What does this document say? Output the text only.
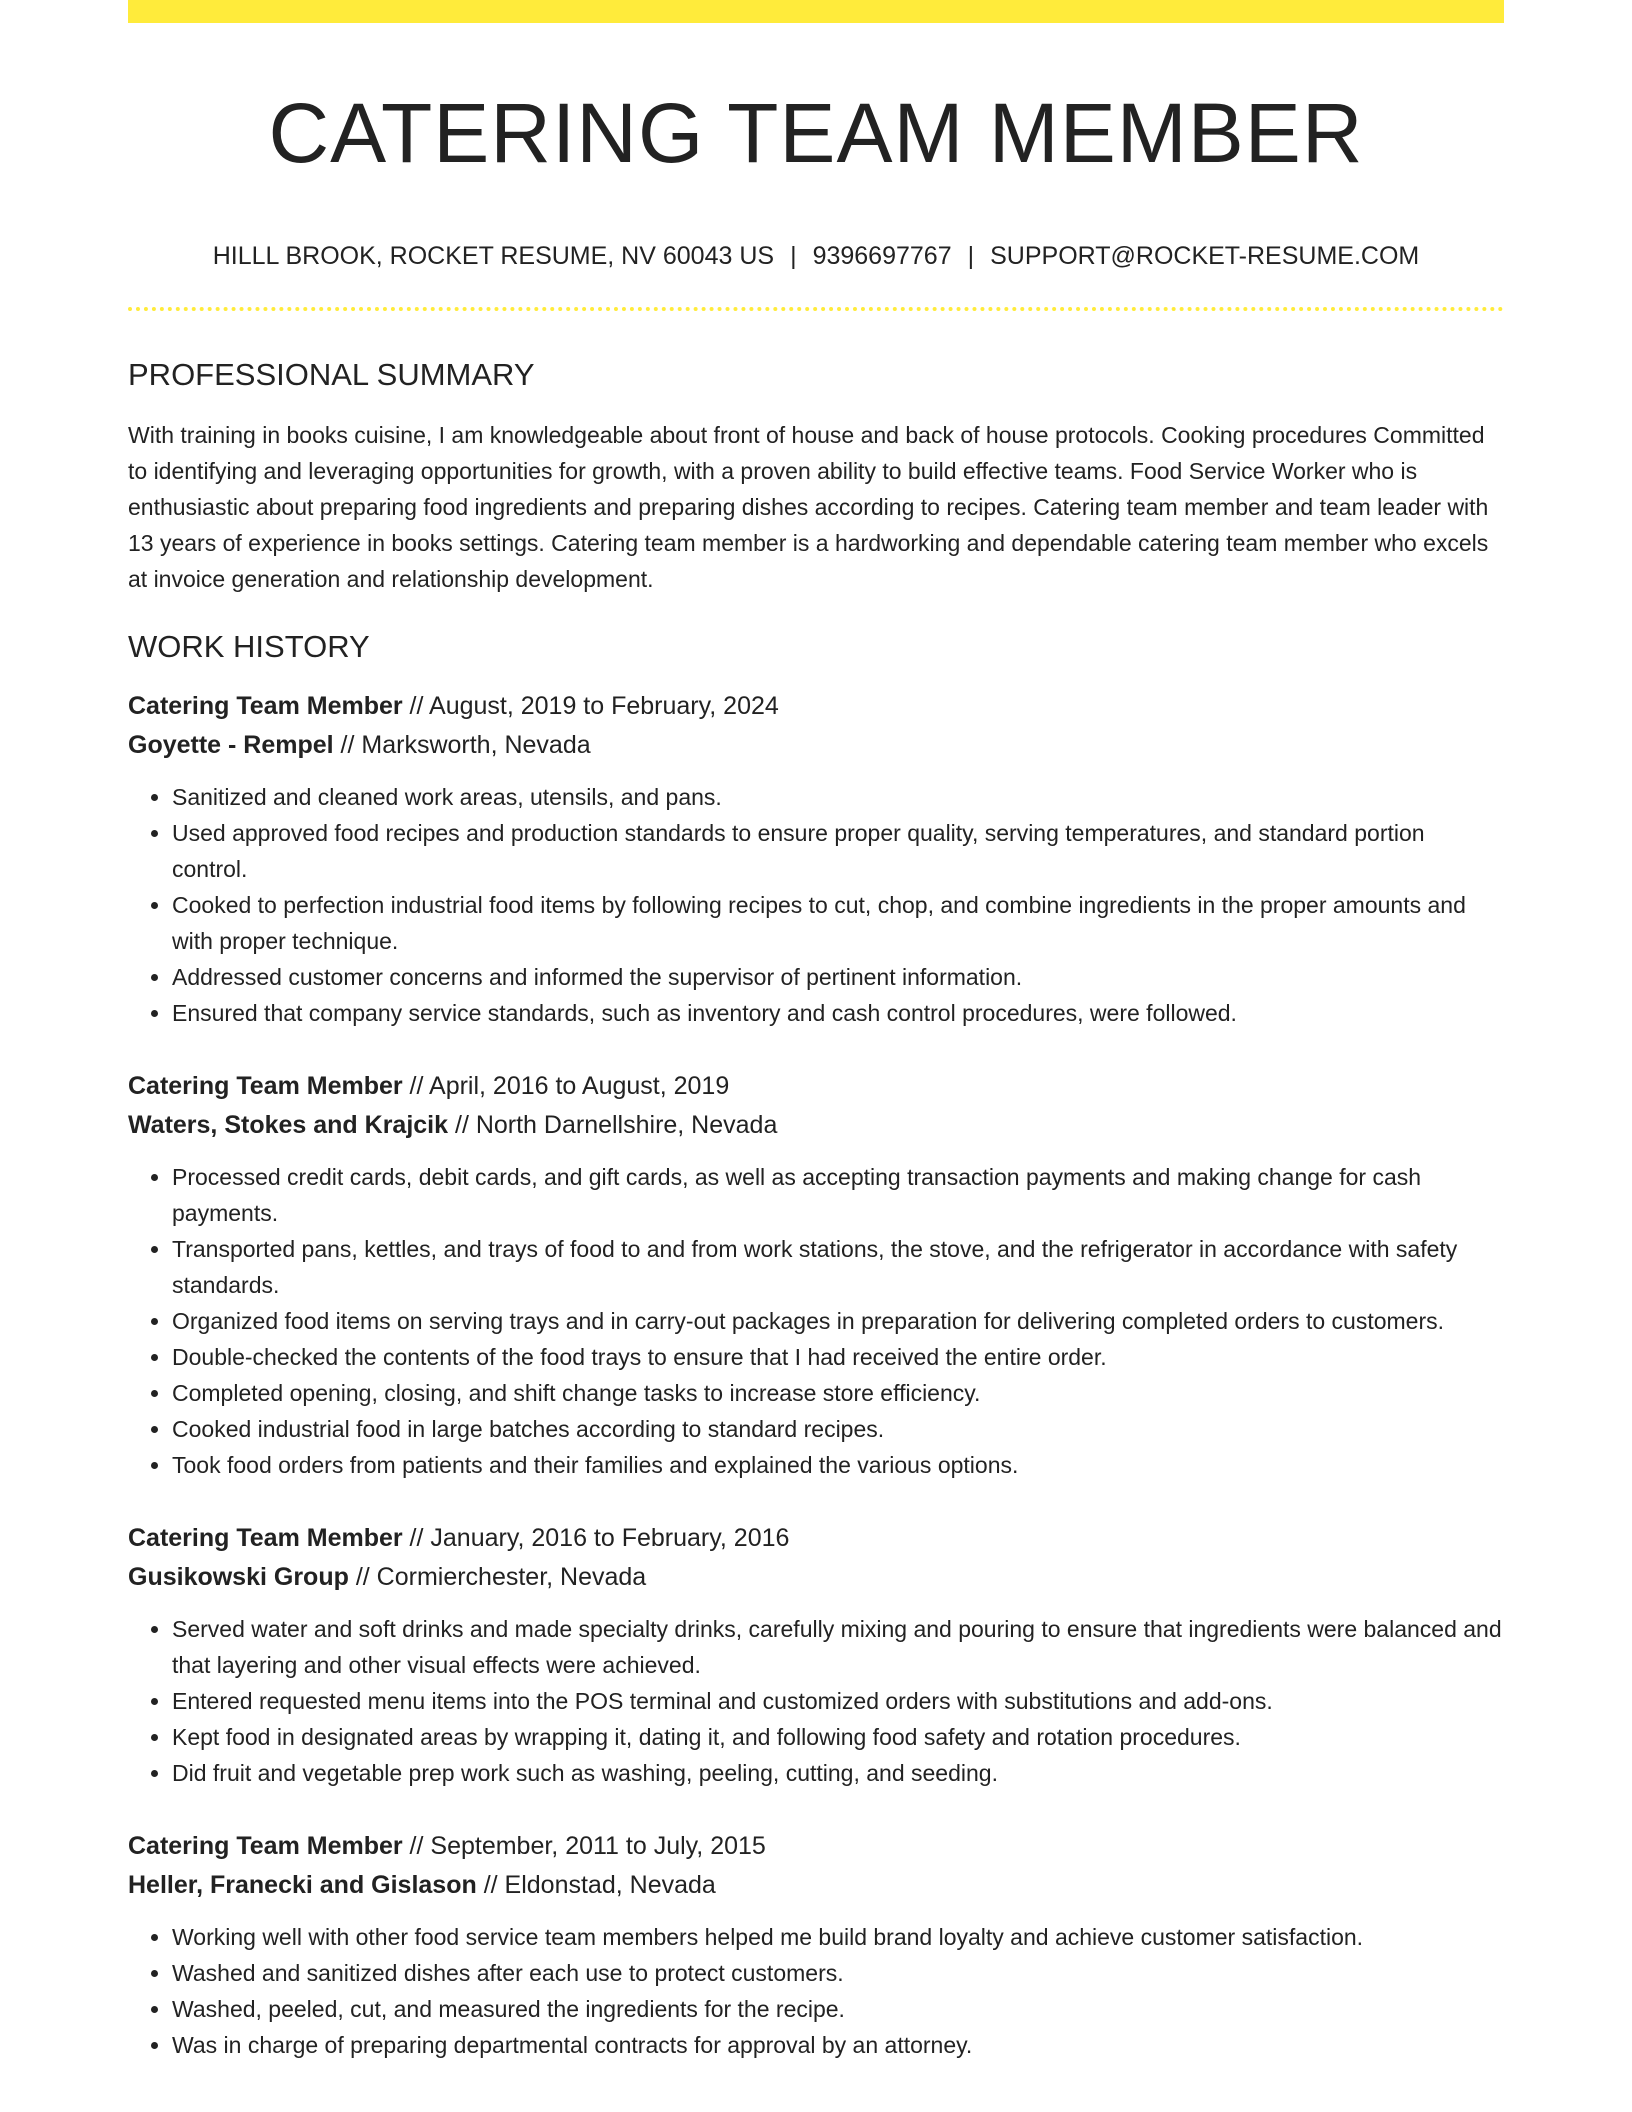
CATERING TEAM MEMBER
HILLL BROOK, ROCKET RESUME, NV 60043 US | 9396697767 | SUPPORT@ROCKET-RESUME.COM
PROFESSIONAL SUMMARY

With training in books cuisine, I am knowledgeable about front of house and back of house protocols. Cooking procedures Committed to identifying and leveraging opportunities for growth, with a proven ability to build effective teams. Food Service Worker who is enthusiastic about preparing food ingredients and preparing dishes according to recipes. Catering team member and team leader with 13 years of experience in books settings. Catering team member is a hardworking and dependable catering team member who excels at invoice generation and relationship development.

WORK HISTORY
Catering Team Member // August, 2019 to February, 2024
Goyette - Rempel // Marksworth, Nevada
• Sanitized and cleaned work areas, utensils, and pans.
• Used approved food recipes and production standards to ensure proper quality, serving temperatures, and standard portion control.
• Cooked to perfection industrial food items by following recipes to cut, chop, and combine ingredients in the proper amounts and with proper technique.
• Addressed customer concerns and informed the supervisor of pertinent information.
• Ensured that company service standards, such as inventory and cash control procedures, were followed.
Catering Team Member // April, 2016 to August, 2019
Waters, Stokes and Krajcik // North Darnellshire, Nevada
• Processed credit cards, debit cards, and gift cards, as well as accepting transaction payments and making change for cash payments.
• Transported pans, kettles, and trays of food to and from work stations, the stove, and the refrigerator in accordance with safety standards.
• Organized food items on serving trays and in carry-out packages in preparation for delivering completed orders to customers.
• Double-checked the contents of the food trays to ensure that I had received the entire order.
• Completed opening, closing, and shift change tasks to increase store efficiency.
• Cooked industrial food in large batches according to standard recipes.
• Took food orders from patients and their families and explained the various options.
Catering Team Member // January, 2016 to February, 2016
Gusikowski Group // Cormierchester, Nevada
• Served water and soft drinks and made specialty drinks, carefully mixing and pouring to ensure that ingredients were balanced and that layering and other visual effects were achieved.
• Entered requested menu items into the POS terminal and customized orders with substitutions and add-ons.
• Kept food in designated areas by wrapping it, dating it, and following food safety and rotation procedures.
• Did fruit and vegetable prep work such as washing, peeling, cutting, and seeding.
Catering Team Member // September, 2011 to July, 2015
Heller, Franecki and Gislason // Eldonstad, Nevada
• Working well with other food service team members helped me build brand loyalty and achieve customer satisfaction.
• Washed and sanitized dishes after each use to protect customers.
• Washed, peeled, cut, and measured the ingredients for the recipe.
• Was in charge of preparing departmental contracts for approval by an attorney.
